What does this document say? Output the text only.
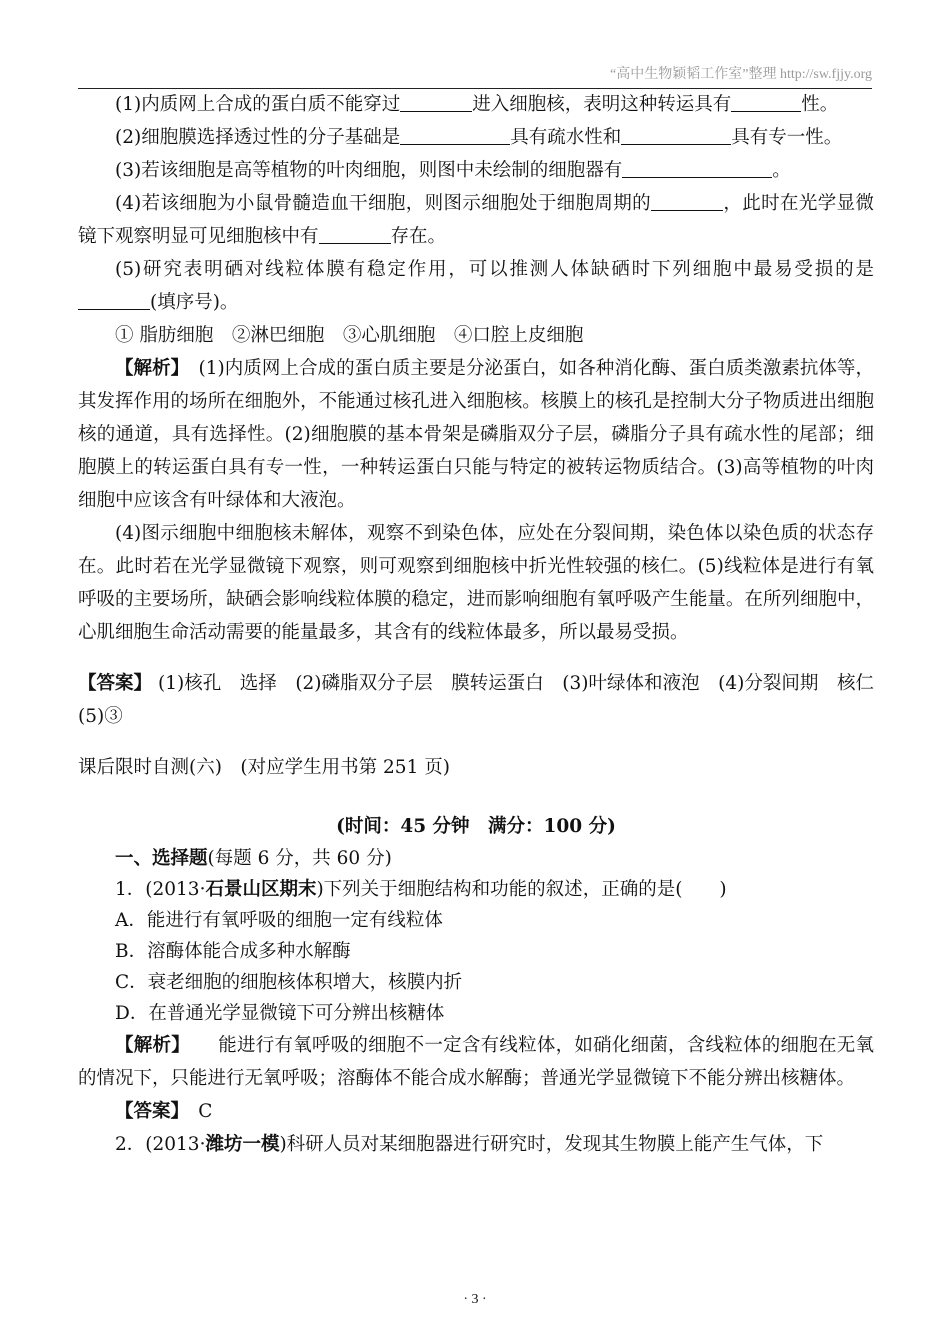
“高中生物颖韬工作室”整理 http://sw.fjjy.org

(1)内质网上合成的蛋白质不能穿过	进入细胞核，表明这种转运具有	性。

(2)细胞膜选择透过性的分子基础是	具有疏水性和	具有专一性。

(3)若该细胞是高等植物的叶肉细胞，则图中未绘制的细胞器有	。

(4)若该细胞为小鼠骨髓造血干细胞，则图示细胞处于细胞周期的	，此时在光学显微镜下观察明显可见细胞核中有	存在。

(5)研究表明硒对线粒体膜有稳定作用，可以推测人体缺硒时下列细胞中最易受损的是(填序号)。

① 脂肪细胞　②淋巴细胞　③心肌细胞　④口腔上皮细胞

【解析】　 (1)内质网上合成的蛋白质主要是分泌蛋白，如各种消化酶、蛋白质类激素抗体等，其发挥作用的场所在细胞外，不能通过核孔进入细胞核。核膜上的核孔是控制大分子物质进出细胞核的通道，具有选择性。(2)细胞膜的基本骨架是磷脂双分子层，磷脂分子具有疏水性的尾部；细胞膜上的转运蛋白具有专一性，一种转运蛋白只能与特定的被转运物质结合。(3)高等植物的叶肉细胞中应该含有叶绿体和大液泡。

(4)图示细胞中细胞核未解体，观察不到染色体，应处在分裂间期，染色体以染色质的状态存在。此时若在光学显微镜下观察，则可观察到细胞核中折光性较强的核仁。(5)线粒体是进行有氧呼吸的主要场所，缺硒会影响线粒体膜的稳定，进而影响细胞有氧呼吸产生能量。在所列细胞中，心肌细胞生命活动需要的能量最多，其含有的线粒体最多，所以最易受损。

【答案】 (1)核孔　选择　(2)磷脂双分子层　膜转运蛋白　(3)叶绿体和液泡　(4)分裂间期　核仁　　(5)③

课后限时自测(六)　(对应学生用书第 251 页)

(时间：45 分钟　满分：100 分)

一、选择题(每题 6 分，共 60 分)

1．(2013·石景山区期末)下列关于细胞结构和功能的叙述，正确的是(　　)

A．能进行有氧呼吸的细胞一定有线粒体

B．溶酶体能合成多种水解酶

C．衰老细胞的细胞核体积增大，核膜内折

D．在普通光学显微镜下可分辨出核糖体

【解析】　　 能进行有氧呼吸的细胞不一定含有线粒体，如硝化细菌，含线粒体的细胞在无氧的情况下，只能进行无氧呼吸；溶酶体不能合成水解酶；普通光学显微镜下不能分辨出核糖体。

【答案】　 C

2．(2013·潍坊一模)科研人员对某细胞器进行研究时，发现其生物膜上能产生气体，下

· 3 ·
